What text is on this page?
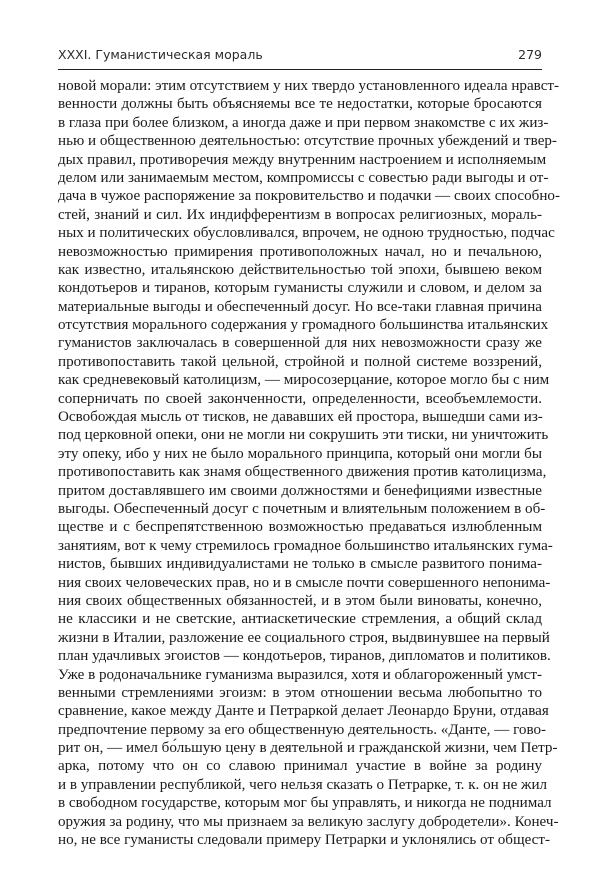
XXXI. Гуманистическая мораль	279
новой морали: этим отсутствием у них твердо установленного идеала нравст-
венности должны быть объясняемы все те недостатки, которые бросаются
в глаза при более близком, а иногда даже и при первом знакомстве с их жиз-
нью и общественною деятельностью: отсутствие прочных убеждений и твер-
дых правил, противоречия между внутренним настроением и исполняемым
делом или занимаемым местом, компромиссы с совестью ради выгоды и от-
дача в чужое распоряжение за покровительство и подачки — своих способно-
стей, знаний и сил. Их индифферентизм в вопросах религиозных, мораль-
ных и политических обусловливался, впрочем, не одною трудностью, подчас
невозможностью примирения противоположных начал, но и печальною,
как известно, итальянскою действительностью той эпохи, бывшею веком
кондотьеров и тиранов, которым гуманисты служили и словом, и делом за
материальные выгоды и обеспеченный досуг. Но все-таки главная причина
отсутствия морального содержания у громадного большинства итальянских
гуманистов заключалась в совершенной для них невозможности сразу же
противопоставить такой цельной, стройной и полной системе воззрений,
как средневековый католицизм, — миросозерцание, которое могло бы с ним
соперничать по своей законченности, определенности, всеобъемлемости.
Освобождая мысль от тисков, не дававших ей простора, вышедши сами из-
под церковной опеки, они не могли ни сокрушить эти тиски, ни уничтожить
эту опеку, ибо у них не было морального принципа, который они могли бы
противопоставить как знамя общественного движения против католицизма,
притом доставлявшего им своими должностями и бенефициями известные
выгоды. Обеспеченный досуг с почетным и влиятельным положением в об-
ществе и с беспрепятственною возможностью предаваться излюбленным
занятиям, вот к чему стремилось громадное большинство итальянских гума-
нистов, бывших индивидуалистами не только в смысле развитого понима-
ния своих человеческих прав, но и в смысле почти совершенного непонима-
ния своих общественных обязанностей, и в этом были виноваты, конечно,
не классики и не светские, антиаскетические стремления, а общий склад
жизни в Италии, разложение ее социального строя, выдвинувшее на первый
план удачливых эгоистов — кондотьеров, тиранов, дипломатов и политиков.
Уже в родоначальнике гуманизма выразился, хотя и облагороженный умст-
венными стремлениями эгоизм: в этом отношении весьма любопытно то
сравнение, какое между Данте и Петраркой делает Леонардо Бруни, отдавая
предпочтение первому за его общественную деятельность. «Данте, — гово-
рит он, — имел бо́льшую цену в деятельной и гражданской жизни, чем Петр-
арка, потому что он со славою принимал участие в войне за родину
и в управлении республикой, чего нельзя сказать о Петрарке, т. к. он не жил
в свободном государстве, которым мог бы управлять, и никогда не поднимал
оружия за родину, что мы признаем за великую заслугу добродетели». Конеч-
но, не все гуманисты следовали примеру Петрарки и уклонялись от общест-
